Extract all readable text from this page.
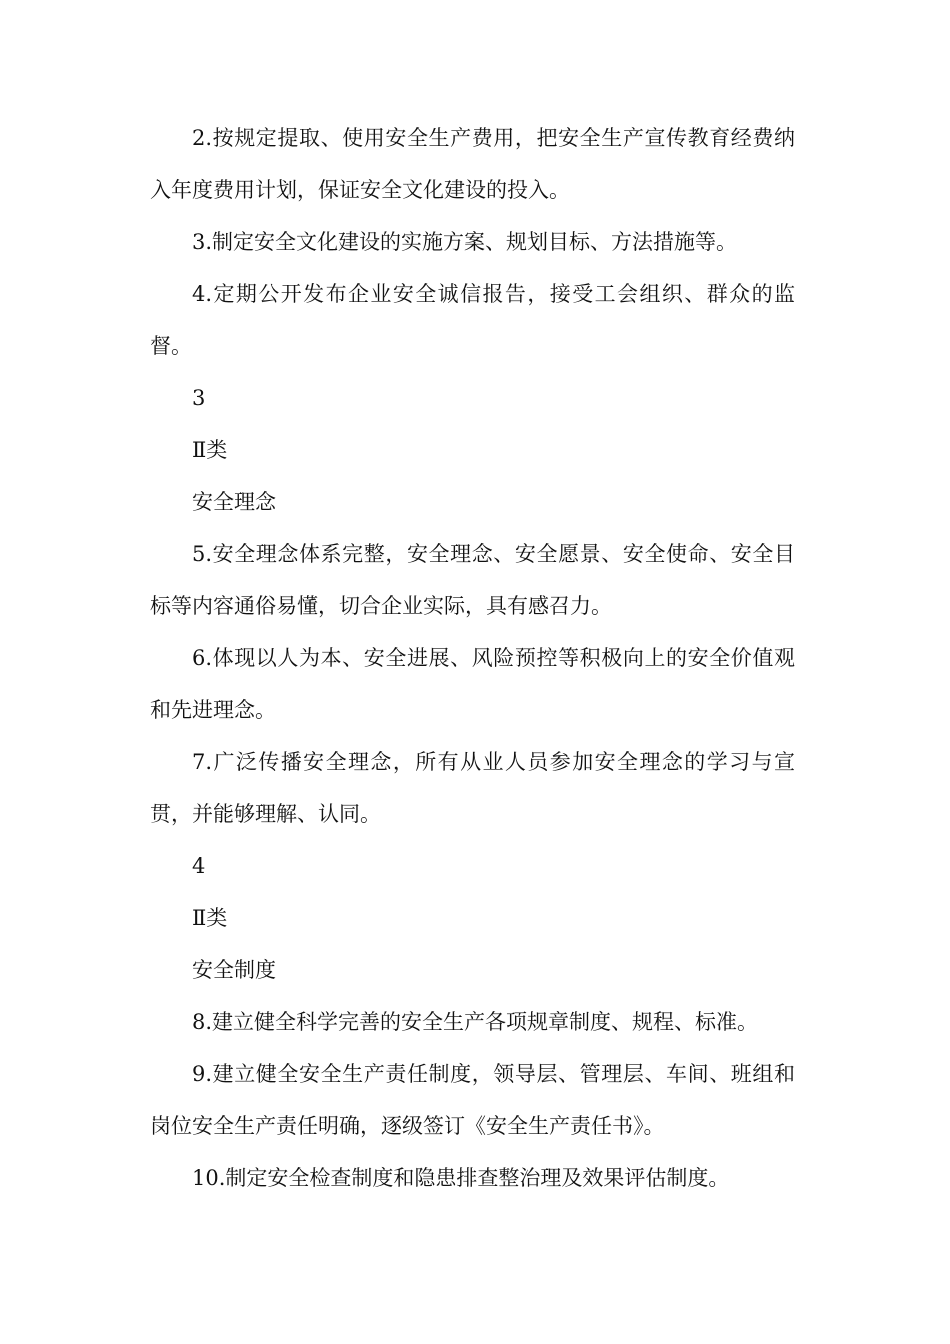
2.按规定提取、使用安全生产费用，把安全生产宣传教育经费纳入年度费用计划，保证安全文化建设的投入。

3.制定安全文化建设的实施方案、规划目标、方法措施等。

4.定期公开发布企业安全诚信报告，接受工会组织、群众的监督。

3

Ⅱ类

安全理念

5.安全理念体系完整，安全理念、安全愿景、安全使命、安全目标等内容通俗易懂，切合企业实际，具有感召力。

6.体现以人为本、安全进展、风险预控等积极向上的安全价值观和先进理念。

7.广泛传播安全理念，所有从业人员参加安全理念的学习与宣贯，并能够理解、认同。

4

Ⅱ类

安全制度

8.建立健全科学完善的安全生产各项规章制度、规程、标准。

9.建立健全安全生产责任制度，领导层、管理层、车间、班组和岗位安全生产责任明确，逐级签订《安全生产责任书》。

10.制定安全检查制度和隐患排查整治理及效果评估制度。
